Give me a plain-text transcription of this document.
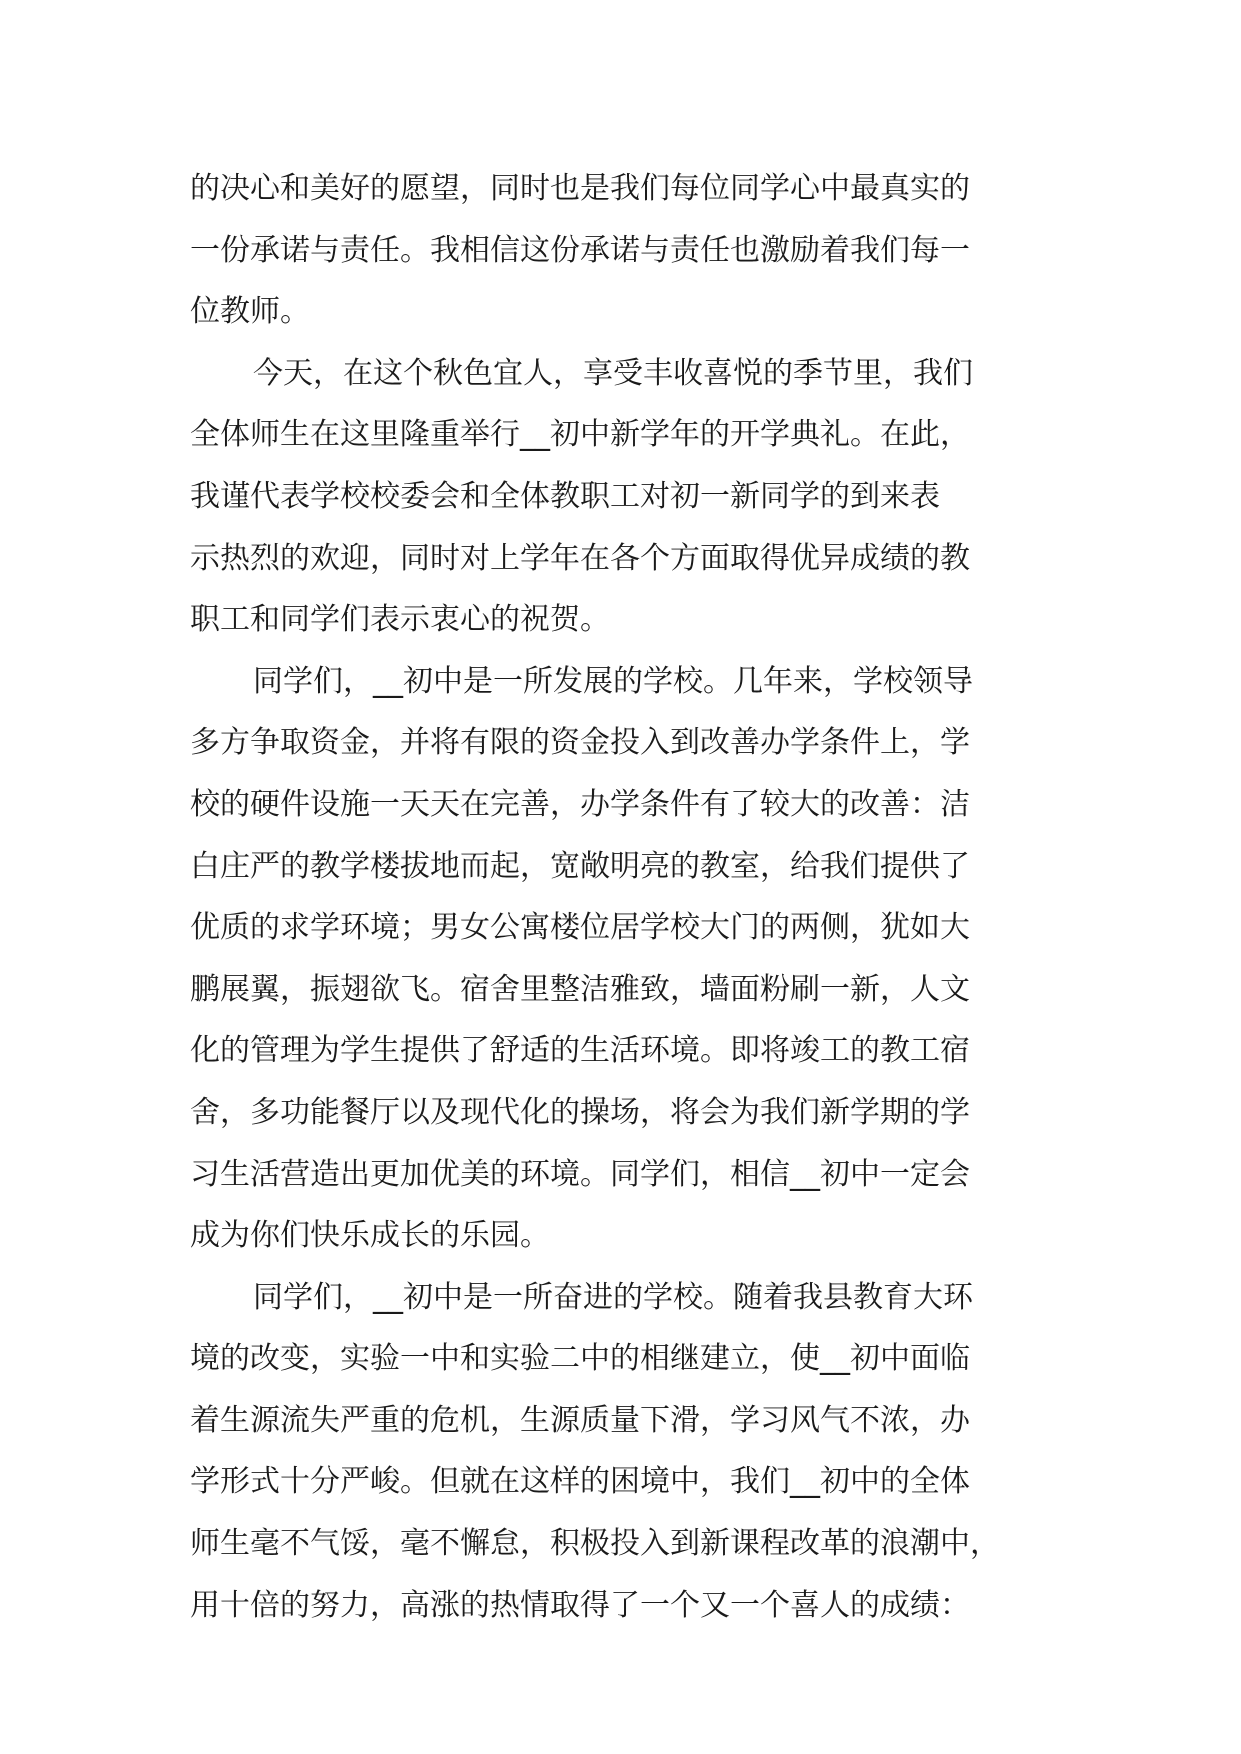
的决心和美好的愿望，同时也是我们每位同学心中最真实的
一份承诺与责任。我相信这份承诺与责任也激励着我们每一
位教师。
今天，在这个秋色宜人，享受丰收喜悦的季节里，我们
全体师生在这里隆重举行__初中新学年的开学典礼。在此，
我谨代表学校校委会和全体教职工对初一新同学的到来表
示热烈的欢迎，同时对上学年在各个方面取得优异成绩的教
职工和同学们表示衷心的祝贺。
同学们，__初中是一所发展的学校。几年来，学校领导
多方争取资金，并将有限的资金投入到改善办学条件上，学
校的硬件设施一天天在完善，办学条件有了较大的改善：洁
白庄严的教学楼拔地而起，宽敞明亮的教室，给我们提供了
优质的求学环境；男女公寓楼位居学校大门的两侧，犹如大
鹏展翼，振翅欲飞。宿舍里整洁雅致，墙面粉刷一新，人文
化的管理为学生提供了舒适的生活环境。即将竣工的教工宿
舍，多功能餐厅以及现代化的操场，将会为我们新学期的学
习生活营造出更加优美的环境。同学们，相信__初中一定会
成为你们快乐成长的乐园。
同学们，__初中是一所奋进的学校。随着我县教育大环
境的改变，实验一中和实验二中的相继建立，使__初中面临
着生源流失严重的危机，生源质量下滑，学习风气不浓，办
学形式十分严峻。但就在这样的困境中，我们__初中的全体
师生毫不气馁，毫不懈怠，积极投入到新课程改革的浪潮中，
用十倍的努力，高涨的热情取得了一个又一个喜人的成绩：
